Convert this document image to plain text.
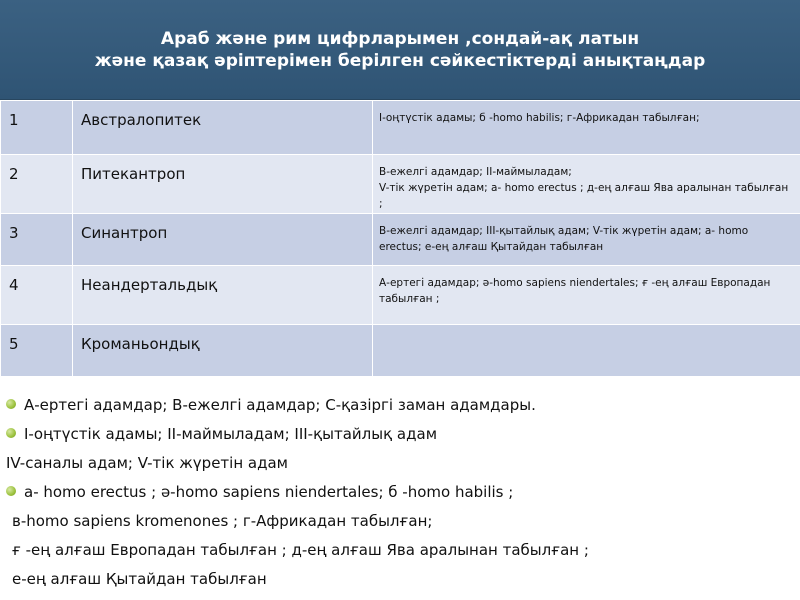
Араб және рим цифрларымен ,сондай-ақ латын
және қазақ әріптерімен берілген сәйкестіктерді анықтаңдар
1	Австралопитек	I-оңтүстік адамы; б -homo habilis; г-Африкадан табылған;

2	Питекантроп	В-ежелгі адамдар; II-маймыладам;
V-тік жүретін адам; а- homo erectus ; д-ең алғаш Ява аралынан табылған ;

3	Синантроп	В-ежелгі адамдар; III-қытайлық адам; V-тік жүретін адам; а- homo erectus; е-ең алғаш Қытайдан табылған

4	Неандертальдық	А-ертегі адамдар; ә-homo sapiens niendertales; ғ -ең алғаш Европадан табылған ;

5	Кроманьондық	

А-ертегі адамдар; В-ежелгі адамдар; С-қазіргі заман адамдары.
I-оңтүстік адамы; II-маймыладам; III-қытайлық адам
IV-саналы адам; V-тік жүретін адам
а- homo erectus ; ә-homo sapiens niendertales; б -homo habilis ;
в-homo sapiens kromenones ; г-Африкадан табылған;
ғ -ең алғаш Европадан табылған ; д-ең алғаш Ява аралынан табылған ;
е-ең алғаш Қытайдан табылған
